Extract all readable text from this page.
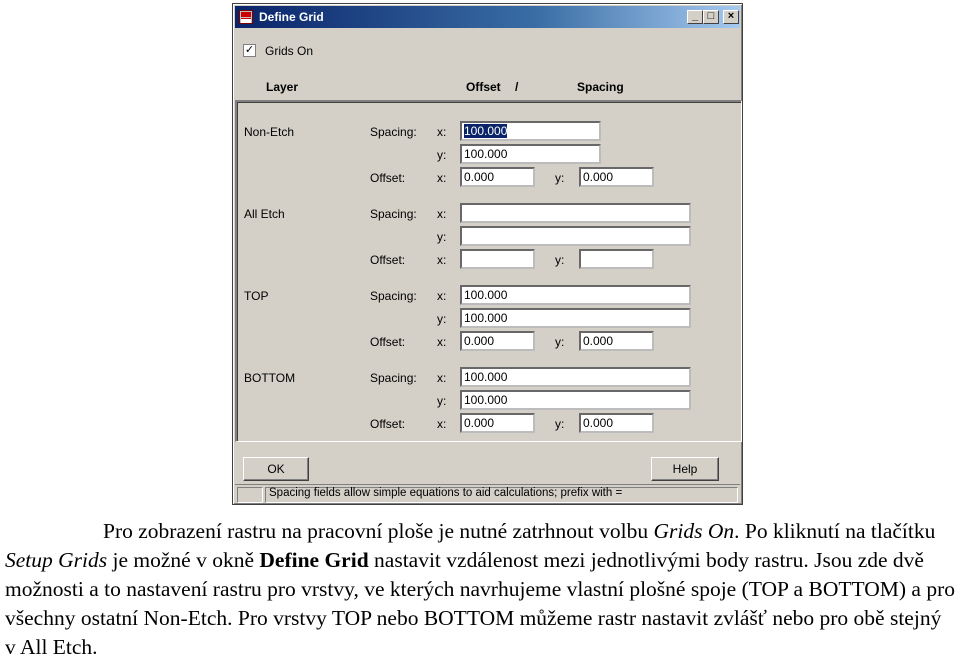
Define Grid	_ □	×
✓ Grids On
Layer	Offset /	Spacing
Non-Etch	Spacing: x:	100.000
y:	100.000
Offset:	x:	0.000	y:	0.000
All Etch	Spacing: x:
y:
Offset:	x:	y:
TOP	Spacing: x:	100.000
y:	100.000
Offset:	x:	0.000	y:	0.000
BOTTOM	Spacing: x:	100.000
y:	100.000
Offset:	x:	0.000	y:	0.000
OK	Help
Spacing fields allow simple equations to aid calculations; prefix with =

Pro zobrazení rastru na pracovní ploše je nutné zatrhnout volbu Grids On. Po kliknutí na tlačítku Setup Grids je možné v okně Define Grid nastavit vzdálenost mezi jednotlivými body rastru. Jsou zde dvě možnosti a to nastavení rastru pro vrstvy, ve kterých navrhujeme vlastní plošné spoje (TOP a BOTTOM) a pro všechny ostatní Non-Etch. Pro vrstvy TOP nebo BOTTOM můžeme rastr nastavit zvlášť nebo pro obě stejný v All Etch.
